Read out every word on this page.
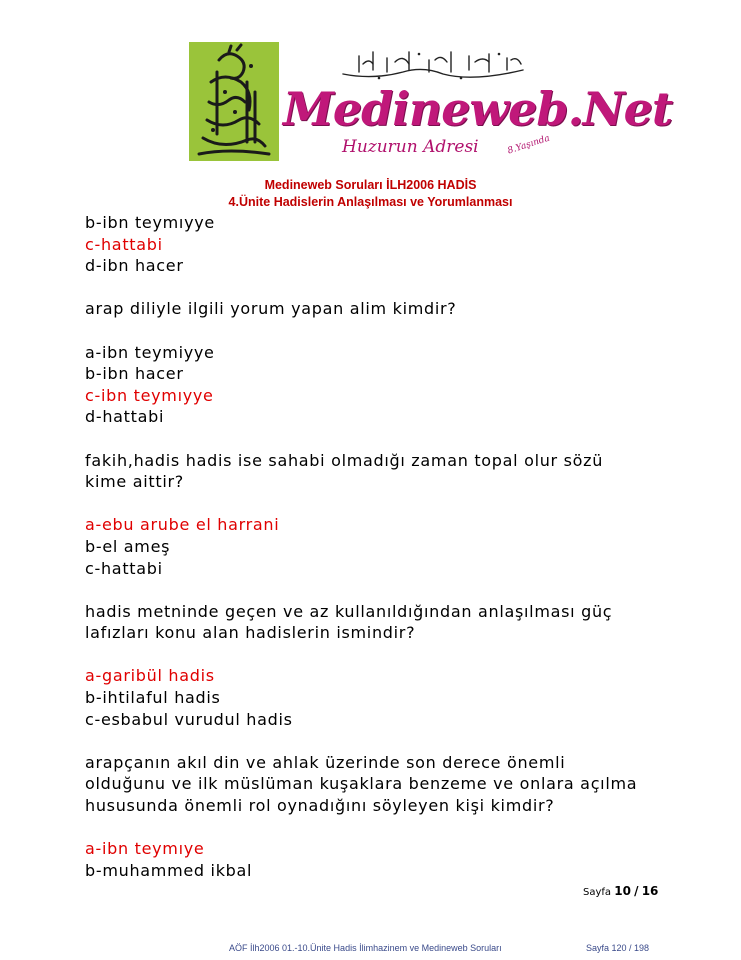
Medineweb.Net
Huzurun Adresi	8.Yaşında
Medineweb Soruları İLH2006 HADİS
4.Ünite Hadislerin Anlaşılması ve Yorumlanması
b-ibn teymıyye
c-hattabi
d-ibn hacer
arap diliyle ilgili yorum yapan alim kimdir?
a-ibn teymiyye
b-ibn hacer
c-ibn teymıyye
d-hattabi
fakih,hadis hadis ise sahabi olmadığı zaman topal olur sözü
kime aittir?
a-ebu arube el harrani
b-el ameş
c-hattabi
hadis metninde geçen ve az kullanıldığından anlaşılması güç
lafızları konu alan hadislerin ismindir?
a-garibül hadis
b-ihtilaful hadis
c-esbabul vurudul hadis
arapçanın akıl din ve ahlak üzerinde son derece önemli
olduğunu ve ilk müslüman kuşaklara benzeme ve onlara açılma
hususunda önemli rol oynadığını söyleyen kişi kimdir?
a-ibn teymıye
b-muhammed ikbal
Sayfa 10 / 16
AÖF İlh2006 01.-10.Ünite Hadis İlimhazinem ve Medineweb Soruları	Sayfa 120 / 198
